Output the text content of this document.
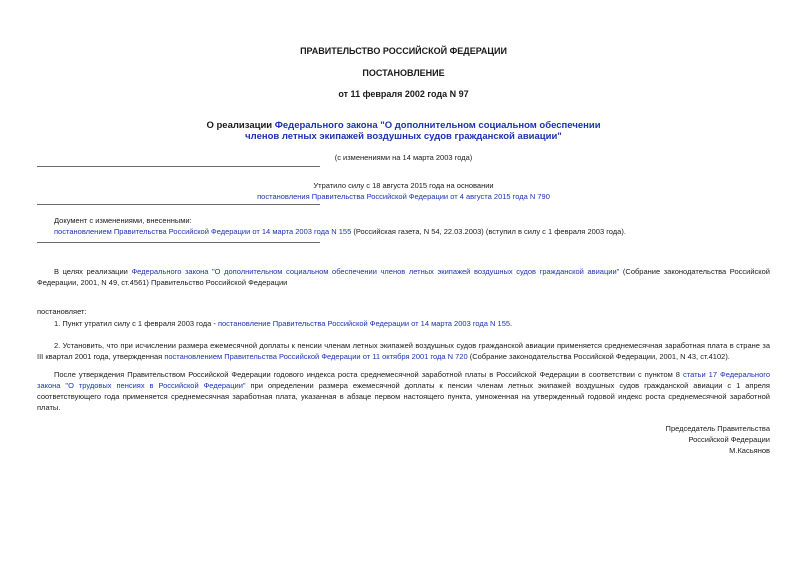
ПРАВИТЕЛЬСТВО РОССИЙСКОЙ ФЕДЕРАЦИИ
ПОСТАНОВЛЕНИЕ
от 11 февраля 2002 года N 97
О реализации Федерального закона "О дополнительном социальном обеспечении
членов летных экипажей воздушных судов гражданской авиации"
(с изменениями на 14 марта 2003 года)
Утратило силу с 18 августа 2015 года на основании
постановления Правительства Российской Федерации от 4 августа 2015 года N 790
Документ с изменениями, внесенными:
постановлением Правительства Российской Федерации от 14 марта 2003 года N 155 (Российская газета, N 54, 22.03.2003) (вступил в силу с 1 февраля 2003 года).
В целях реализации Федерального закона "О дополнительном социальном обеспечении членов летных экипажей воздушных судов гражданской авиации" (Собрание законодательства Российской Федерации, 2001, N 49, ст.4561) Правительство Российской Федерации
постановляет:
1. Пункт утратил силу с 1 февраля 2003 года - постановление Правительства Российской Федерации от 14 марта 2003 года N 155.
2. Установить, что при исчислении размера ежемесячной доплаты к пенсии членам летных экипажей воздушных судов гражданской авиации применяется среднемесячная заработная плата в стране за III квартал 2001 года, утвержденная постановлением Правительства Российской Федерации от 11 октября 2001 года N 720 (Собрание законодательства Российской Федерации, 2001, N 43, ст.4102).
После утверждения Правительством Российской Федерации годового индекса роста среднемесячной заработной платы в Российской Федерации в соответствии с пунктом 8 статьи 17 Федерального закона "О трудовых пенсиях в Российской Федерации" при определении размера ежемесячной доплаты к пенсии членам летных экипажей воздушных судов гражданской авиации с 1 апреля соответствующего года применяется среднемесячная заработная плата, указанная в абзаце первом настоящего пункта, умноженная на утвержденный годовой индекс роста среднемесячной заработной платы.
Председатель Правительства
Российской Федерации
М.Касьянов
